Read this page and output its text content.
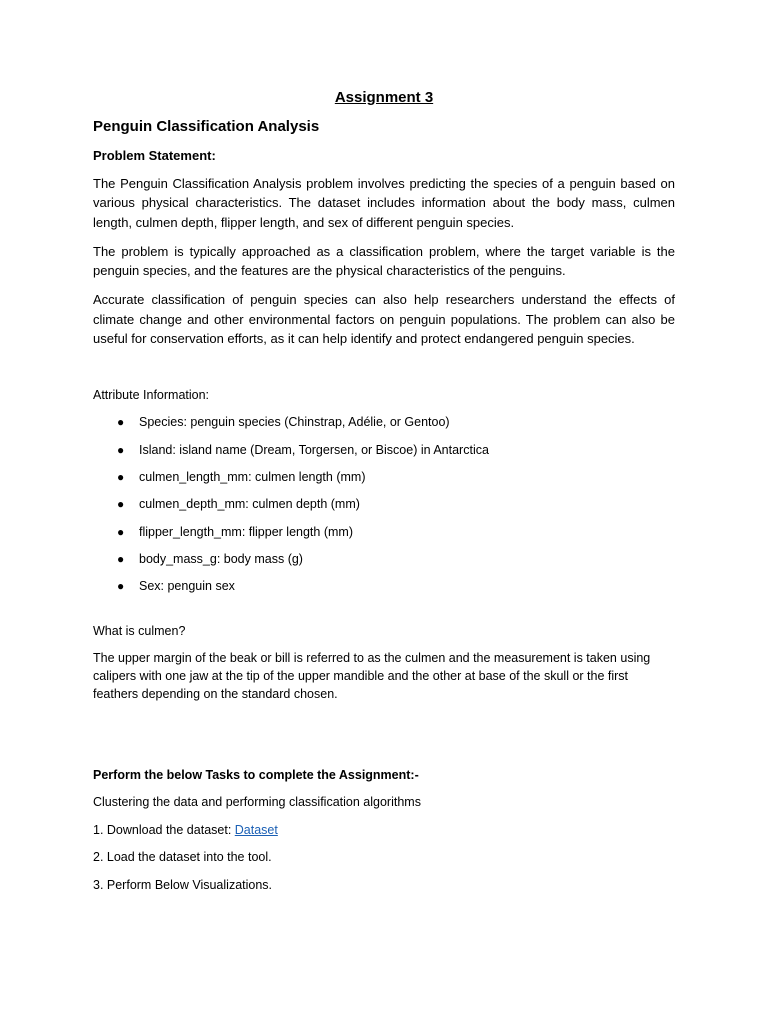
Assignment 3
Penguin Classification Analysis
Problem Statement:

The Penguin Classification Analysis problem involves predicting the species of a penguin based on various physical characteristics. The dataset includes information about the body mass, culmen length, culmen depth, flipper length, and sex of different penguin species.

The problem is typically approached as a classification problem, where the target variable is the penguin species, and the features are the physical characteristics of the penguins.

Accurate classification of penguin species can also help researchers understand the effects of climate change and other environmental factors on penguin populations. The problem can also be useful for conservation efforts, as it can help identify and protect endangered penguin species.

Attribute Information:
● Species: penguin species (Chinstrap, Adélie, or Gentoo)
● Island: island name (Dream, Torgersen, or Biscoe) in Antarctica
● culmen_length_mm: culmen length (mm)
● culmen_depth_mm: culmen depth (mm)
● flipper_length_mm: flipper length (mm)
● body_mass_g: body mass (g)
● Sex: penguin sex
What is culmen?

The upper margin of the beak or bill is referred to as the culmen and the measurement is taken using calipers with one jaw at the tip of the upper mandible and the other at base of the skull or the first feathers depending on the standard chosen.

Perform the below Tasks to complete the Assignment:-
Clustering the data and performing classification algorithms
1. Download the dataset: Dataset
2. Load the dataset into the tool.
3. Perform Below Visualizations.
